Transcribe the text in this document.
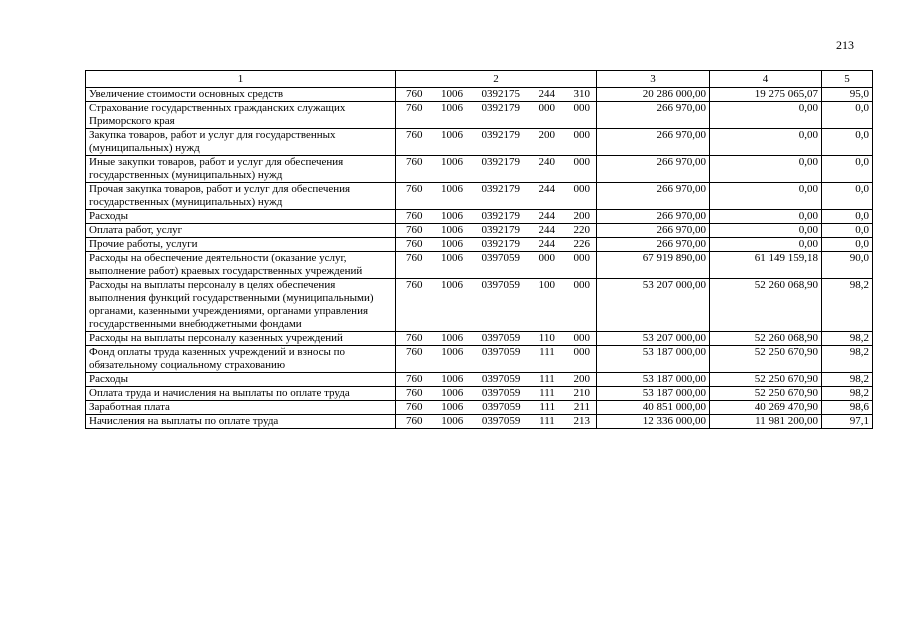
213
1	2	3	4	5
Увеличение стоимости основных средств	760 1006 0392175 244 310	20 286 000,00	19 275 065,07	95,0
Страхование государственных гражданских служащих Приморского края	760 1006 0392179 000 000	266 970,00	0,00	0,0
Закупка товаров, работ и услуг для государственных (муниципальных) нужд	760 1006 0392179 200 000	266 970,00	0,00	0,0
Иные закупки товаров, работ и услуг для обеспечения государственных (муниципальных) нужд	760 1006 0392179 240 000	266 970,00	0,00	0,0
Прочая закупка товаров, работ и услуг для обеспечения государственных (муниципальных) нужд	760 1006 0392179 244 000	266 970,00	0,00	0,0
Расходы	760 1006 0392179 244 200	266 970,00	0,00	0,0
Оплата работ, услуг	760 1006 0392179 244 220	266 970,00	0,00	0,0
Прочие работы, услуги	760 1006 0392179 244 226	266 970,00	0,00	0,0
Расходы на обеспечение деятельности (оказание услуг, выполнение работ) краевых государственных учреждений	760 1006 0397059 000 000	67 919 890,00	61 149 159,18	90,0
Расходы на выплаты персоналу в целях обеспечения выполнения функций государственными (муниципальными) органами, казенными учреждениями, органами управления государственными внебюджетными фондами	760 1006 0397059 100 000	53 207 000,00	52 260 068,90	98,2
Расходы на выплаты персоналу казенных учреждений	760 1006 0397059 110 000	53 207 000,00	52 260 068,90	98,2
Фонд оплаты труда казенных учреждений и взносы по обязательному социальному страхованию	760 1006 0397059 111 000	53 187 000,00	52 250 670,90	98,2
Расходы	760 1006 0397059 111 200	53 187 000,00	52 250 670,90	98,2
Оплата труда и начисления на выплаты по оплате труда	760 1006 0397059 111 210	53 187 000,00	52 250 670,90	98,2
Заработная плата	760 1006 0397059 111 211	40 851 000,00	40 269 470,90	98,6
Начисления на выплаты по оплате труда	760 1006 0397059 111 213	12 336 000,00	11 981 200,00	97,1
